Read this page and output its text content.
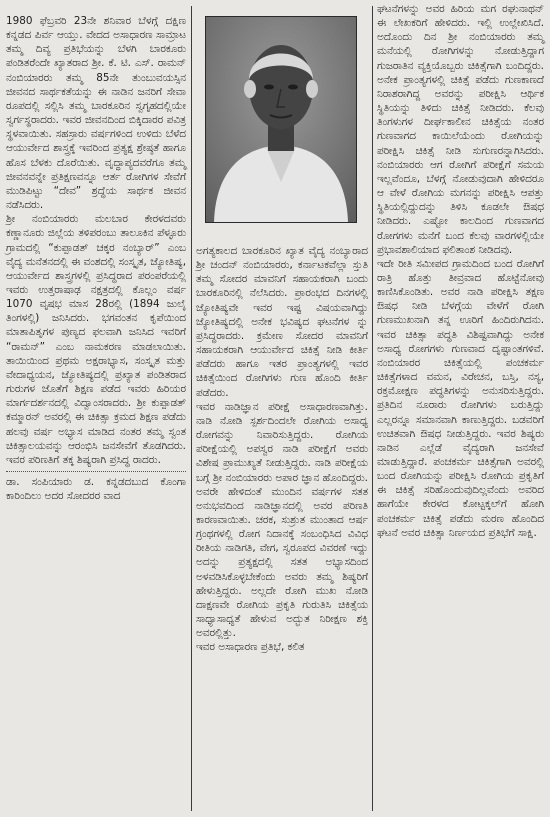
1980 ಫೆಬ್ರವರಿ 23ನೇ ಶನಿವಾರ ಬೆಳಗ್ಗೆ ದಕ್ಷಿಣ ಕನ್ನಡದ ಪಿರ್ವ ಆಯ್ತು. ವೇದದ ಅಸಾಧಾರಣ ಸಾಮ್ರಾಟ ತಮ್ಮ ದಿವ್ಯ ಪ್ರತಿಭೆಯನ್ನು ಬೆಳಗಿ ಬಾರಕೂರು ಪಂಡಿತರೆಂದೇ ಖ್ಯಾತರಾದ ಶ್ರೀ. ಕೆ. ಟಿ. ಎಸ್. ರಾಮನ್ ನಂಬಿಯಾರರು ತಮ್ಮ 85ನೇ ತುಂಬುವಯಸ್ಸಿನ ಜೀವನದ ಸಾರ್ಥಕತೆಯನ್ನು ಈ ನಾಡಿನ ಜನರಿಗೆ ಸೇವಾ ರೂಪದಲ್ಲಿ ಸಲ್ಲಿಸಿ ತಮ್ಮ ಬಾರಕೂರಿನ ಸ್ವಗೃಹದಲ್ಲಿಯೇ ಸ್ವರ್ಗಸ್ಥರಾದರು. ಇವರ ಜೀವನದಿಂದ ಬಿಕ್ಕಿದಾರರ ಪವಿತ್ರ ಸ್ಥಳವಾಯಿತು. ಸಹಸ್ರಾರು ವರ್ಷಗಳಿಂದ ಉಳಿದು ಬೆಳೆದ ಆಯುರ್ವೇದ ಶಾಸ್ತ್ರಕ್ಕೆ ಇವರಿಂದ ಪ್ರತ್ಯಕ್ಷ ಶ್ರೇಷ್ಠತೆ ಹಾಗೂ ಹೊಸ ಬೆಳಕು ದೊರೆಯಿತು. ವೃದ್ಧಾಪ್ಯದವರೆಗೂ ತಮ್ಮ ಜೀವನವನ್ನೇ ಪ್ರತಿಕ್ಷಣವನ್ನೂ ಆರ್ತ ರೋಗಿಗಳ ಸೇವೆಗೆ ಮುಡಿಪಿಟ್ಟು “ದೇವ” ಶ್ರದ್ಧೆಯ ಸಾರ್ಥಕ ಜೀವನ ನಡೆಸಿದರು.

ಶ್ರೀ ನಂಬಿಯಾರರು ಮಲಬಾರ ಕೇರಳದವರು ಕಣ್ಣಾನೂರು ಜಿಲ್ಲೆಯ ತಳಿಪರಂಬು ತಾಲೂಕಿನ ಪೆಳ್ಳೂರು ಗ್ರಾಮದಲ್ಲಿ “ಕುಪ್ಪಾಡತ್ ಚಕ್ಕರ ನಂಬ್ಯಾರ್” ಎಂಬ ವೈದ್ಯ ಮನೆತನದಲ್ಲಿ ಈ ವಂಶದಲ್ಲಿ ಸಂಸ್ಕೃತ, ಜ್ಯೋತಿಷ್ಯ, ಆಯುರ್ವೇದ ಶಾಸ್ತ್ರಗಳಲ್ಲಿ ಪ್ರಸಿದ್ಧರಾದ ಪರಂಪರೆಯಲ್ಲಿ ಇವರು ಉತ್ತರಾಷಾಢ ನಕ್ಷತ್ರದಲ್ಲಿ ಕೊಲ್ಲಂ ವರ್ಷ 1070 ವೃಷಭ ಮಾಸ 28ರಲ್ಲಿ (1894 ಜುಲೈ ತಿಂಗಳಲ್ಲಿ) ಜನಿಸಿದರು. ಭಗವಂತನ ಕೃಪೆಯಿಂದ ಮಾತಾಪಿತೃಗಳ ಪುಣ್ಯದ ಫಲವಾಗಿ ಜನಿಸಿದ ಇವರಿಗೆ “ರಾಮನ್” ಎಂಬ ನಾಮಕರಣ ಮಾಡಲಾಯಿತು. ತಾಯಿಯಿಂದ ಪ್ರಥಮ ಅಕ್ಷರಾಭ್ಯಾಸ, ಸಂಸ್ಕೃತ ಮತ್ತು ವೇದಾಧ್ಯಯನ, ಜ್ಯೋತಿಷ್ಯದಲ್ಲಿ ಪ್ರಖ್ಯಾತ ಪಂಡಿತರಾದ ಗುರುಗಳ ಜೊತೆಗೆ ಶಿಕ್ಷಣ ಪಡೆದ ಇವರು ಹಿರಿಯರ ಮಾರ್ಗದರ್ಶನದಲ್ಲಿ ವಿದ್ವಾಂಸರಾದರು. ಶ್ರೀ ಕುಪ್ಪಾಡತ್ ಕಮ್ಮಾರನ್ ಅವರಲ್ಲಿ ಈ ಚಿಕಿತ್ಸಾ ಕ್ರಮದ ಶಿಕ್ಷಣ ಪಡೆದು ಹಲವು ವರ್ಷ ಅಭ್ಯಾಸ ಮಾಡಿದ ನಂತರ ತಮ್ಮ ಸ್ವಂತ ಚಿಕಿತ್ಸಾಲಯವನ್ನು ಆರಂಭಿಸಿ ಜನಸೇವೆಗೆ ತೊಡಗಿದರು. ಇವರ ಪರಿಣತಿಗೆ ತಕ್ಕ ಶಿಷ್ಯರಾಗಿ ಪ್ರಸಿದ್ಧ ರಾದರು.

ಡಾ. ಸಂಪಿಯಾರು ಡ. ಕನ್ನಡದಬುದ ಕೊಂಗಾ ಕಾರಿಂದಿಲು ಅದರ ಸೋದರರ ವಾದ

ಅಗತ್ಯಕಾಲದ ಬಾರಕೂರಿನ ಖ್ಯಾತ ವೈದ್ಯ ನಂಬ್ಯಾರಾದ ಶ್ರೀ ಚಂದನ್ ನಂಬಿಯಾರರು, ಕರ್ನಾಟಕವೆಲ್ಲಾ ಸ್ತುತಿ ತಮ್ಮ ಸೋದರ ಮಾವನಿಗೆ ಸಹಾಯಕರಾಗಿ ಬಂದು ಬಾರಕೂರಿನಲ್ಲಿ ನೆಲೆಸಿದರು. ಪ್ರಾರಂಭದ ದಿನಗಳಲ್ಲಿ ಜ್ಯೋತಿಷ್ಯವೇ ಇವರ ಇಷ್ಟ ವಿಷಯವಾಗಿದ್ದು ಜ್ಯೋತಿಷ್ಯದಲ್ಲಿ ಅನೇಕ ಭವಿಷ್ಯದ ಘಟನೆಗಳ ನ್ನು ಪ್ರಸಿದ್ಧರಾದರು. ಕ್ರಮೇಣ ಸೋದರ ಮಾವನಿಗೆ ಸಹಾಯಕರಾಗಿ ಆಯುರ್ವೇದ ಚಿಕಿತ್ಸೆ ನೀಡಿ ಕೀರ್ತಿ ಪಡೆದರು ಹಾಗೂ ಇತರ ಪ್ರಾಂತ್ಯಗಳಲ್ಲಿ ಇವರ ಚಿಕಿತ್ಸೆಯಿಂದ ರೋಗಿಗಳು ಗುಣ ಹೊಂದಿ ಕೀರ್ತಿ ಪಡೆದರು.

ಇವರ ನಾಡಿಜ್ಞಾನ ಪರೀಕ್ಷೆ ಅಸಾಧಾರಣವಾಗಿತ್ತು. ನಾಡಿ ನೋಡಿ ಸ್ಪರ್ಶದಿಂದಲೇ ರೋಗಿಯ ಅಸಾಧ್ಯ ರೋಗವನ್ನು ನಿವಾರಿಸುತ್ತಿದ್ದರು. ರೋಗಿಯ ಪರೀಕ್ಷೆಯಲ್ಲಿ ಅಪಸ್ವರ ನಾಡಿ ಪರೀಕ್ಷೆಗೆ ಅವರು ವಿಶೇಷ ಪ್ರಾಮುಖ್ಯತೆ ನೀಡುತ್ತಿದ್ದರು. ನಾಡಿ ಪರೀಕ್ಷೆಯ ಬಗ್ಗೆ ಶ್ರೀ ನಂಬಿಯಾರರು ಅಪಾರ ಜ್ಞಾನ ಹೊಂದಿದ್ದರು. ಅವರೇ ಹೇಳಿದಂತೆ ಮುಂದಿನ ವರ್ಷಗಳ ಸತತ ಅನುಭವದಿಂದ ನಾಡಿಜ್ಞಾನದಲ್ಲಿ ಅವರ ಪರಿಣತಿ ಕಾರಣವಾಯಿತು. ಚರಕ, ಸುಶ್ರುತ ಮುಂತಾದ ಆರ್ಷ ಗ್ರಂಥಗಳಲ್ಲಿ ರೋಗ ನಿದಾನಕ್ಕೆ ಸಂಬಂಧಿಸಿದ ವಿವಿಧ ರೀತಿಯ ನಾಡಿಗತಿ, ವೇಗ, ಸ್ವರೂಪದ ವಿವರಣೆ ಇದ್ದು ಅದನ್ನು ಪ್ರತ್ಯಕ್ಷದಲ್ಲಿ ಸತತ ಅಭ್ಯಾಸದಿಂದ ಅಳವಡಿಸಿಕೊಳ್ಳಬೇಕೆಂದು ಅವರು ತಮ್ಮ ಶಿಷ್ಯರಿಗೆ ಹೇಳುತ್ತಿದ್ದರು. ಅಲ್ಲದೇ ರೋಗಿ ಮುಖ ನೋಡಿ ದಾಕ್ಷಣವೇ ರೋಗಿಯ ಪ್ರಕೃತಿ ಗುರುತಿಸಿ ಚಿಕಿತ್ಸೆಯ ಸಾಧ್ಯಾಸಾಧ್ಯತೆ ಹೇಳುವ ಅದ್ಭುತ ನಿರೀಕ್ಷಣ ಶಕ್ತಿ ಅವರಲ್ಲಿತ್ತು.

ಇವರ ಅಸಾಧಾರಣ ಪ್ರತಿಭೆ, ಕಲಿತ

ಘಟನೆಗಳನ್ನು ಅವರ ಹಿರಿಯ ಮಗ ರಘುನಾಥನ್ ಈ ಲೇಖಕರಿಗೆ ಹೇಳಿದರು. ಇಲ್ಲಿ ಉಲ್ಲೇಖಿಸಿದೆ. ಅದೊಂದು ದಿನ ಶ್ರೀ ನಂಬಿಯಾರರು ತಮ್ಮ ಮನೆಯಲ್ಲಿ ರೋಗಿಗಳನ್ನು ನೋಡುತ್ತಿದ್ದಾಗ ಗುಜರಾತಿನ ವ್ಯಕ್ತಿಯೊಬ್ಬರು ಚಿಕಿತ್ಸೆಗಾಗಿ ಬಂದಿದ್ದರು. ಅನೇಕ ಪ್ರಾಂತ್ಯಗಳಲ್ಲಿ ಚಿಕಿತ್ಸೆ ಪಡೆದು ಗುಣಕಾಣದೆ ನಿರಾಶರಾಗಿದ್ದ ಅವರನ್ನು ಪರೀಕ್ಷಿಸಿ ಆರ್ಥಿಕ ಸ್ಥಿತಿಯನ್ನು ತಿಳಿದು ಚಿಕಿತ್ಸೆ ನೀಡಿದರು. ಕೆಲವು ತಿಂಗಳುಗಳ ದೀರ್ಘಕಾಲೀನ ಚಿಕಿತ್ಸೆಯ ನಂತರ ಗುಣವಾಗದ ಕಾಯಿಲೆಯೆಂದು ರೋಗಿಯನ್ನು ಪರೀಕ್ಷಿಸಿ ಚಿಕಿತ್ಸೆ ನೀಡಿ ಸುಗುಣರನ್ನಾಗಿಸಿದರು. ನಂಬಿಯಾರರು ಆಗ ರೋಗಿಗೆ ಪರೀಕ್ಷೆಗೆ ಸಮಯ ಇಲ್ಲವೆಂದೂ, ಬೆಳಗ್ಗೆ ನೋಡುವುದಾಗಿ ಹೇಳಿದರೂ ಆ ವೇಳೆ ರೋಗಿಯ ಮಗನನ್ನು ಪರೀಕ್ಷಿಸಿ ಆಪತ್ತು ಸ್ಥಿತಿಯಲ್ಲಿದ್ದುದನ್ನು ತಿಳಿಸಿ ಕೂಡಲೇ ಔಷಧ ನೀಡಿದರು. ಎಷ್ಟೋ ಕಾಲದಿಂದ ಗುಣವಾಗದ ರೋಗಗಳು ಮನೆಗೆ ಬಂದ ಕೆಲವು ವಾರಗಳಲ್ಲಿಯೇ ಪ್ರಭಾವಶಾಲಿಯಾದ ಫಲಿತಾಂಶ ನೀಡಿದವು.

ಇದೇ ರೀತಿ ಸಮೀಪದ ಗ್ರಾಮದಿಂದ ಬಂದ ರೋಗಿಗೆ ರಾತ್ರಿ ಹೊತ್ತು ತೀವ್ರವಾದ ಹೊಟ್ಟೆನೋವು ಕಾಣಿಸಿಕೊಂಡಿತು. ಅವರ ನಾಡಿ ಪರೀಕ್ಷಿಸಿ ತಕ್ಷಣ ಔಷಧ ನೀಡಿ ಬೆಳಗ್ಗೆಯ ವೇಳೆಗೆ ರೋಗಿ ಗುಣಮುಖನಾಗಿ ತನ್ನ ಊರಿಗೆ ಹಿಂದಿರುಗಿದನು. ಇವರ ಚಿಕಿತ್ಸಾ ಪದ್ಧತಿ ವಿಶಿಷ್ಟವಾಗಿದ್ದು ಅನೇಕ ಅಸಾಧ್ಯ ರೋಗಗಳು ಗುಣವಾದ ದೃಷ್ಟಾಂತಗಳಿವೆ. ನಂಬಿಯಾರರ ಚಿಕಿತ್ಸೆಯಲ್ಲಿ ಪಂಚಕರ್ಮ ಚಿಕಿತ್ಸೆಗಳಾದ ವಮನ, ವಿರೇಚನ, ಬಸ್ತಿ, ನಸ್ಯ, ರಕ್ತಮೋಕ್ಷಣ ಪದ್ಧತಿಗಳನ್ನು ಅನುಸರಿಸುತ್ತಿದ್ದರು. ಪ್ರತಿದಿನ ನೂರಾರು ರೋಗಿಗಳು ಬರುತ್ತಿದ್ದು ಎಲ್ಲರನ್ನೂ ಸಮಾನವಾಗಿ ಕಾಣುತ್ತಿದ್ದರು. ಬಡವರಿಗೆ ಉಚಿತವಾಗಿ ಔಷಧ ನೀಡುತ್ತಿದ್ದರು. ಇವರ ಶಿಷ್ಯರು ನಾಡಿನ ಎಲ್ಲೆಡೆ ವೈದ್ಯರಾಗಿ ಜನಸೇವೆ ಮಾಡುತ್ತಿದ್ದಾರೆ. ಪಂಚಕರ್ಮ ಚಿಕಿತ್ಸೆಗಾಗಿ ಅವರಲ್ಲಿ ಬಂದ ರೋಗಿಯನ್ನು ಪರೀಕ್ಷಿಸಿ ರೋಗಿಯ ಪ್ರಕೃತಿಗೆ ಈ ಚಿಕಿತ್ಸೆ ಸರಿಹೊಂದುವುದಿಲ್ಲವೆಂದು ಅವರಿದ ಹಾಗೆಯೇ ಕೇರಳದ ಕೋಟ್ಟಕ್ಕಲ್‌ಗೆ ಹೋಗಿ ಪಂಚಕರ್ಮ ಚಿಕಿತ್ಸೆ ಪಡೆದು ಮರಣ ಹೊಂದಿದ ಘಟನೆ ಅವರ ಚಿಕಿತ್ಸಾ ನಿರ್ಣಯದ ಪ್ರತಿಭೆಗೆ ಸಾಕ್ಷಿ.
